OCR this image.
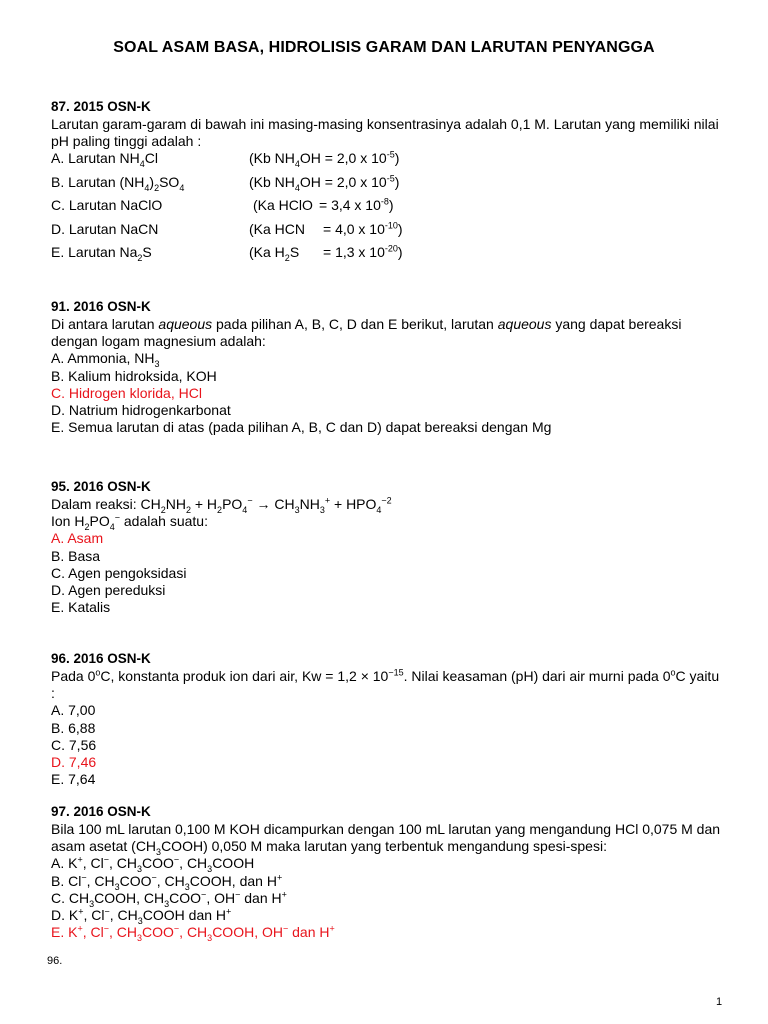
SOAL ASAM BASA, HIDROLISIS GARAM DAN LARUTAN PENYANGGA
87. 2015 OSN-K
Larutan garam-garam di bawah ini masing-masing konsentrasinya adalah 0,1 M. Larutan yang memiliki nilai pH paling tinggi adalah :
A. Larutan $NH_4Cl$	(Kb $NH_4OH = 2,0$ x $10^{-5}$)
B. Larutan $(NH_4)_2SO_4$	(Kb $NH_4OH = 2,0$ x $10^{-5}$)
C. Larutan NaClO	(Ka HClO = 3,4 x $10^{-8}$)
D. Larutan NaCN	(Ka HCN = 4,0 x $10^{-10}$)
E. Larutan $Na_2S$	(Ka $H_2S = 1,3$ x $10^{-20}$)
91. 2016 OSN-K
Di antara larutan aqueous pada pilihan A, B, C, D dan E berikut, larutan aqueous yang dapat bereaksi dengan logam magnesium adalah:
A. Ammonia, $NH_3$
B. Kalium hidroksida, KOH
C. Hidrogen klorida, HCl
D. Natrium hidrogenkarbonat
E. Semua larutan di atas (pada pilihan A, B, C dan D) dapat bereaksi dengan Mg
95. 2016 OSN-K
Dalam reaksi: $CH_2NH_2 + H_2PO_4^- \to CH_3NH_3^+ + HPO_4^{-2}$
Ion $H_2PO_4^-$ adalah suatu:
A. Asam
B. Basa
C. Agen pengoksidasi
D. Agen pereduksi
E. Katalis
96. 2016 OSN-K
Pada 0$^o$C, konstanta produk ion dari air, $Kw = 1,2 \times 10^{-15}$. Nilai keasaman (pH) dari air murni pada 0$^o$C yaitu :
A. 7,00
B. 6,88
C. 7,56
D. 7,46
E. 7,64
97. 2016 OSN-K
Bila 100 mL larutan 0,100 M KOH dicampurkan dengan 100 mL larutan yang mengandung HCl 0,075 M dan asam asetat $(CH_3COOH)$ 0,050 M maka larutan yang terbentuk mengandung spesi-spesi:
A. K+, Cl−, $CH_3COO^-$, $CH_3COOH$
B. Cl−, $CH_3COO^-$, $CH_3COOH$, dan H+
C. $CH_3COOH$, $CH_3COO^-$, OH− dan H+
D. K+, Cl−, $CH_3COOH$ dan H+
E. K+, Cl−, $CH_3COO^-$, $CH_3COOH$, OH− dan H+
96.
1
